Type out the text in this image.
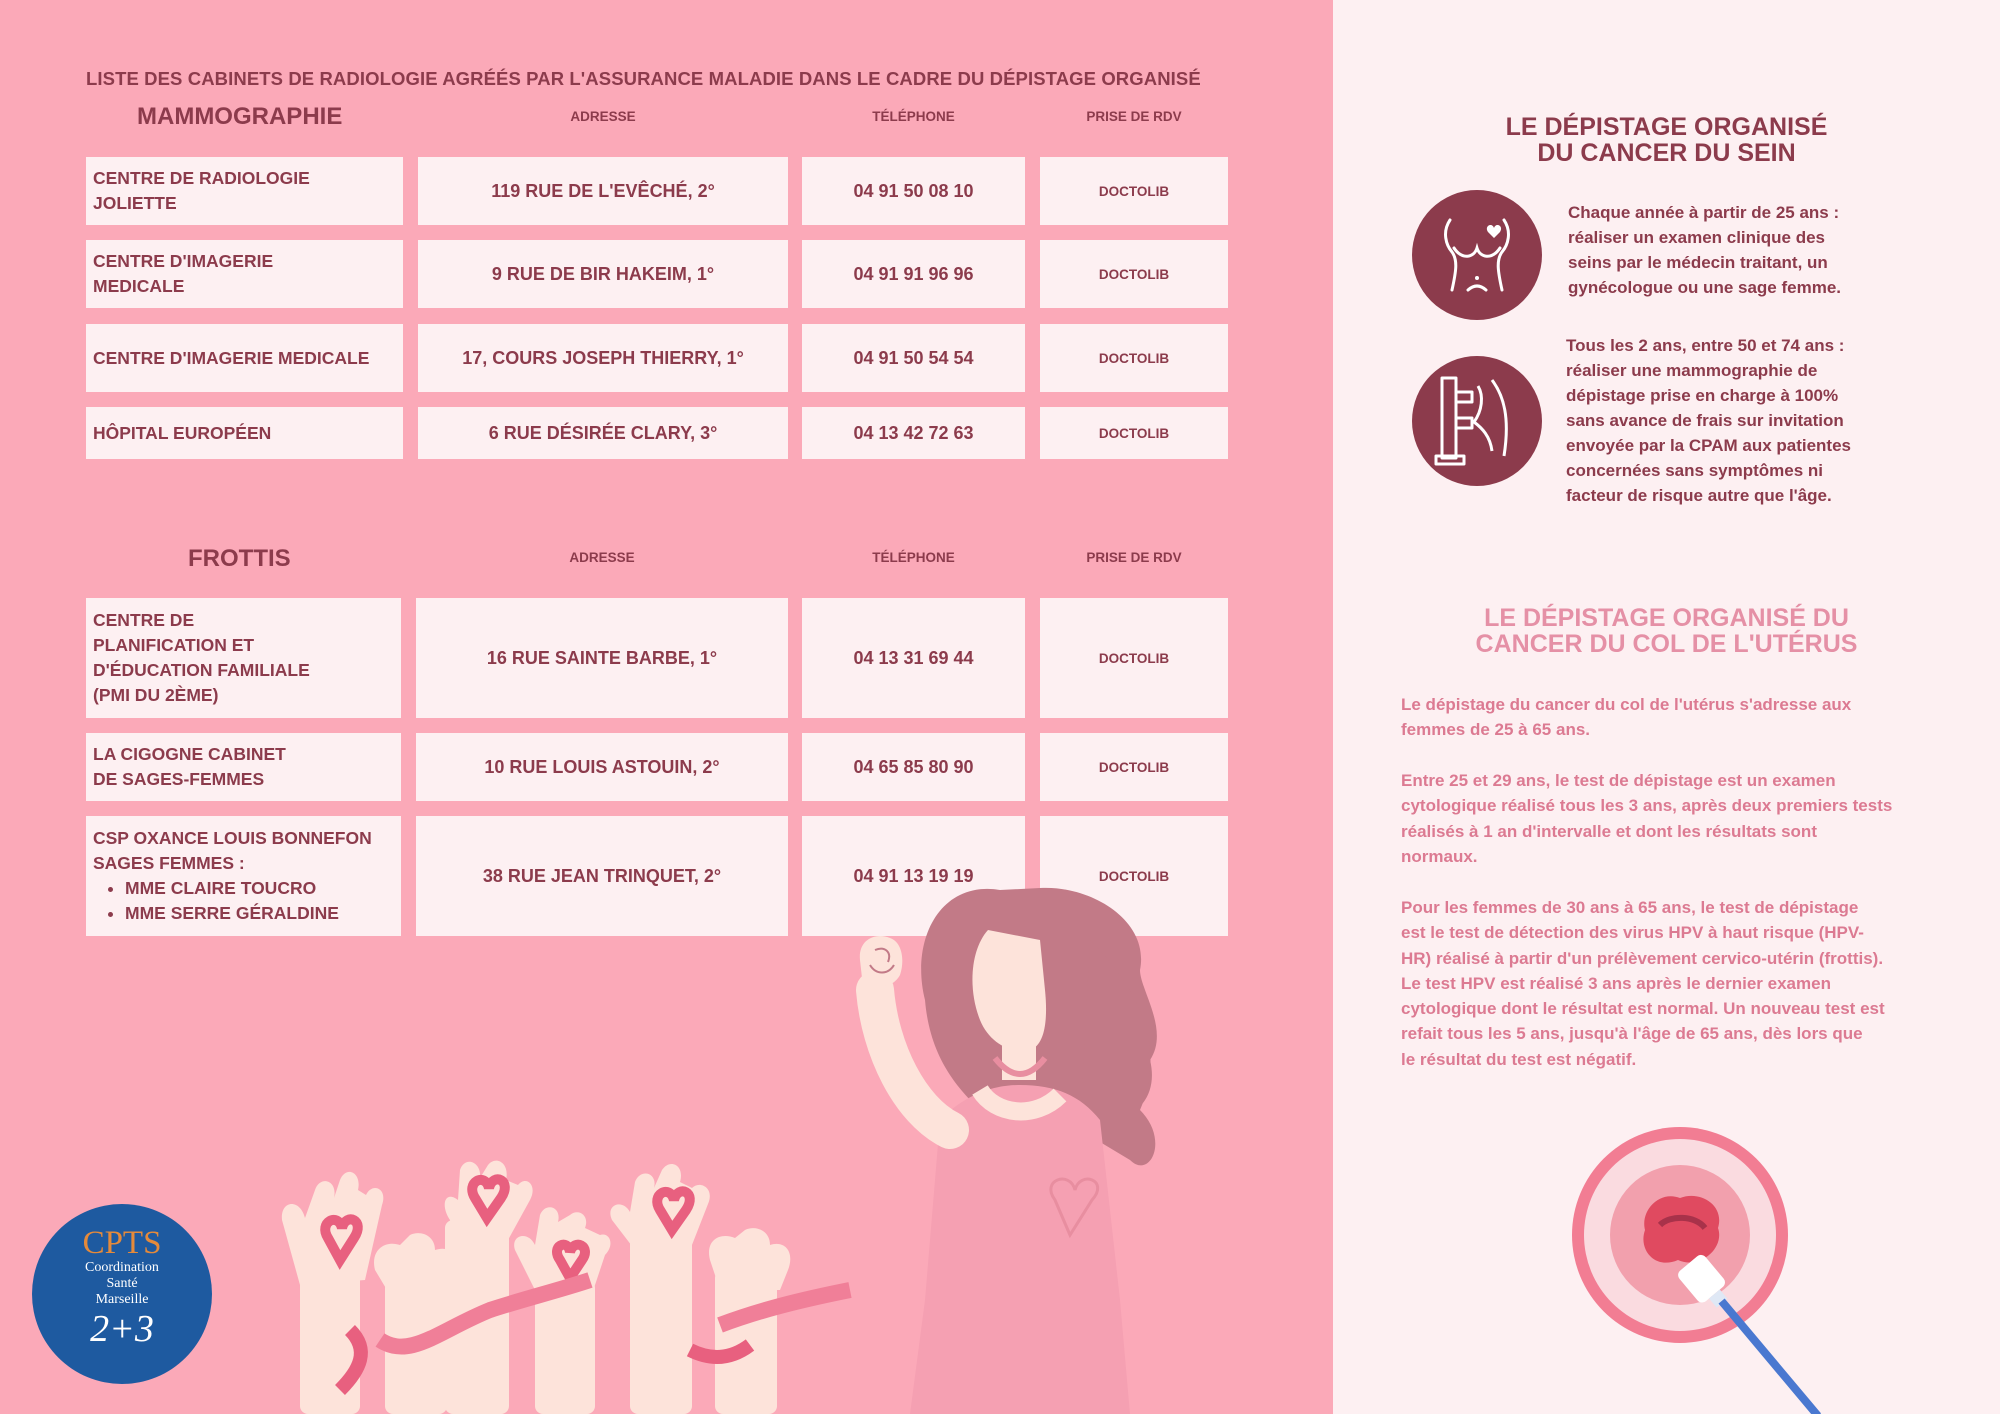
LISTE DES CABINETS DE RADIOLOGIE AGRÉÉS PAR L'ASSURANCE MALADIE DANS LE CADRE DU DÉPISTAGE ORGANISÉ
MAMMOGRAPHIE	ADRESSE	TÉLÉPHONE	PRISE DE RDV
CENTRE DE RADIOLOGIE
JOLIETTE
119 RUE DE L'EVÊCHÉ, 2°	04 91 50 08 10	DOCTOLIB
CENTRE D'IMAGERIE
MEDICALE
9 RUE DE BIR HAKEIM, 1°	04 91 91 96 96	DOCTOLIB
CENTRE D'IMAGERIE MEDICALE	17, COURS JOSEPH THIERRY, 1°	04 91 50 54 54	DOCTOLIB
HÔPITAL EUROPÉEN	6 RUE DÉSIRÉE CLARY, 3°	04 13 42 72 63	DOCTOLIB
FROTTIS	ADRESSE	TÉLÉPHONE	PRISE DE RDV
CENTRE DE
PLANIFICATION ET
D'ÉDUCATION FAMILIALE
(PMI DU 2ÈME)
16 RUE SAINTE BARBE, 1°	04 13 31 69 44	DOCTOLIB
LA CIGOGNE CABINET
DE SAGES-FEMMES
10 RUE LOUIS ASTOUIN, 2°	04 65 85 80 90	DOCTOLIB
CSP OXANCE LOUIS BONNEFON
SAGES FEMMES :
• MME CLAIRE TOUCRO
• MME SERRE GÉRALDINE
38 RUE JEAN TRINQUET, 2°	04 91 13 19 19	DOCTOLIB
CPTS
Coordination
Santé
Marseille
2+3
LE DÉPISTAGE ORGANISÉ
DU CANCER DU SEIN
Chaque année à partir de 25 ans :
réaliser un examen clinique des
seins par le médecin traitant, un
gynécologue ou une sage femme.
Tous les 2 ans, entre 50 et 74 ans :
réaliser une mammographie de
dépistage prise en charge à 100%
sans avance de frais sur invitation
envoyée par la CPAM aux patientes
concernées sans symptômes ni
facteur de risque autre que l'âge.
LE DÉPISTAGE ORGANISÉ DU
CANCER DU COL DE L'UTÉRUS
Le dépistage du cancer du col de l'utérus s'adresse aux
femmes de 25 à 65 ans.
Entre 25 et 29 ans, le test de dépistage est un examen
cytologique réalisé tous les 3 ans, après deux premiers tests
réalisés à 1 an d'intervalle et dont les résultats sont
normaux.
Pour les femmes de 30 ans à 65 ans, le test de dépistage
est le test de détection des virus HPV à haut risque (HPV-
HR) réalisé à partir d'un prélèvement cervico-utérin (frottis).
Le test HPV est réalisé 3 ans après le dernier examen
cytologique dont le résultat est normal. Un nouveau test est
refait tous les 5 ans, jusqu'à l'âge de 65 ans, dès lors que
le résultat du test est négatif.
